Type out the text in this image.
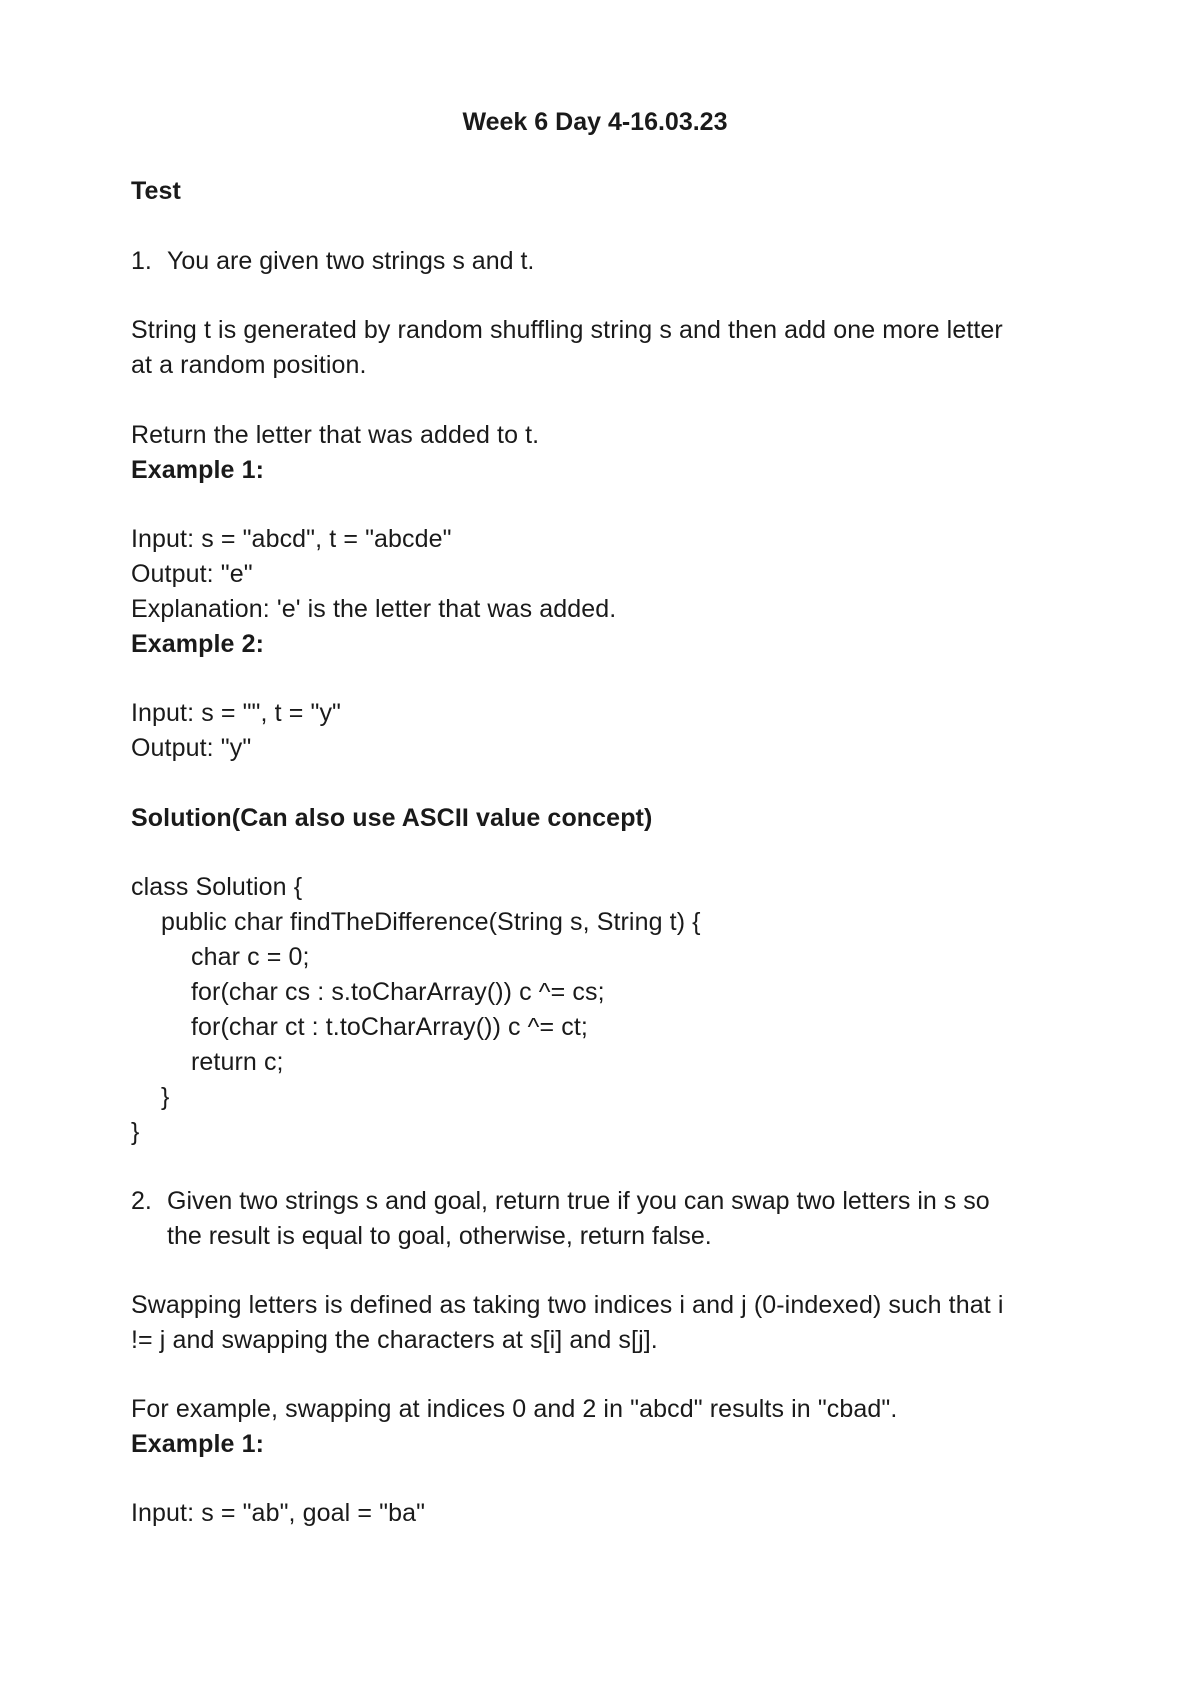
Week 6 Day 4-16.03.23
Test
1. You are given two strings s and t.
String t is generated by random shuffling string s and then add one more letter
at a random position.
Return the letter that was added to t.
Example 1:
Input: s = "abcd", t = "abcde"
Output: "e"
Explanation: 'e' is the letter that was added.
Example 2:
Input: s = "", t = "y"
Output: "y"
Solution(Can also use ASCII value concept)
class Solution {
public char findTheDifference(String s, String t) {
char c = 0;
for(char cs : s.toCharArray()) c ^= cs;
for(char ct : t.toCharArray()) c ^= ct;
return c;
}
}
2. Given two strings s and goal, return true if you can swap two letters in s so
the result is equal to goal, otherwise, return false.
Swapping letters is defined as taking two indices i and j (0-indexed) such that i
!= j and swapping the characters at s[i] and s[j].
For example, swapping at indices 0 and 2 in "abcd" results in "cbad".
Example 1:
Input: s = "ab", goal = "ba"
